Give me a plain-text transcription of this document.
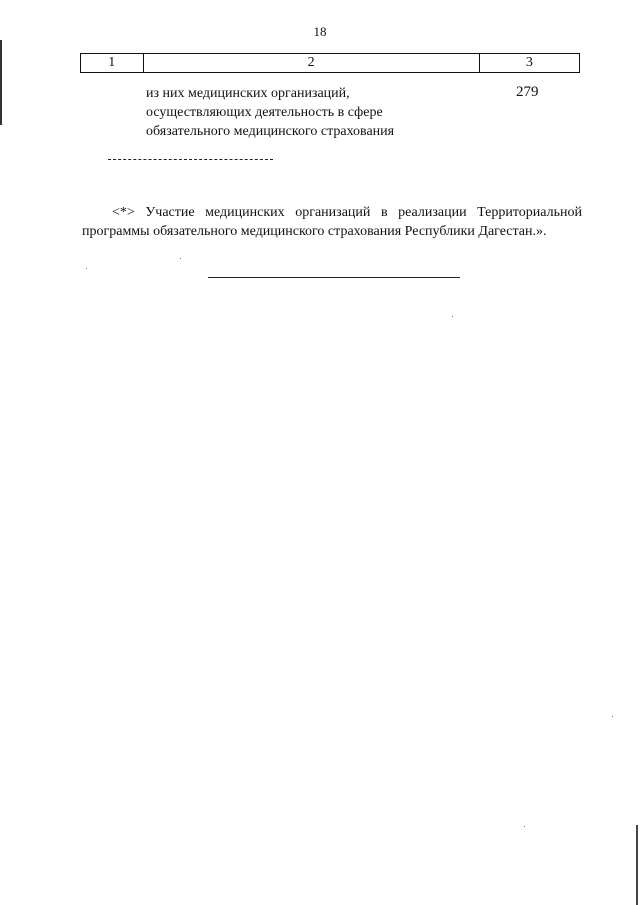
18
1	2	3
из них медицинских организаций,
осуществляющих деятельность в сфере
обязательного медицинского страхования
279
<*> Участие медицинских организаций в реализации Территориальной программы обязательного медицинского страхования Республики Дагестан.».
